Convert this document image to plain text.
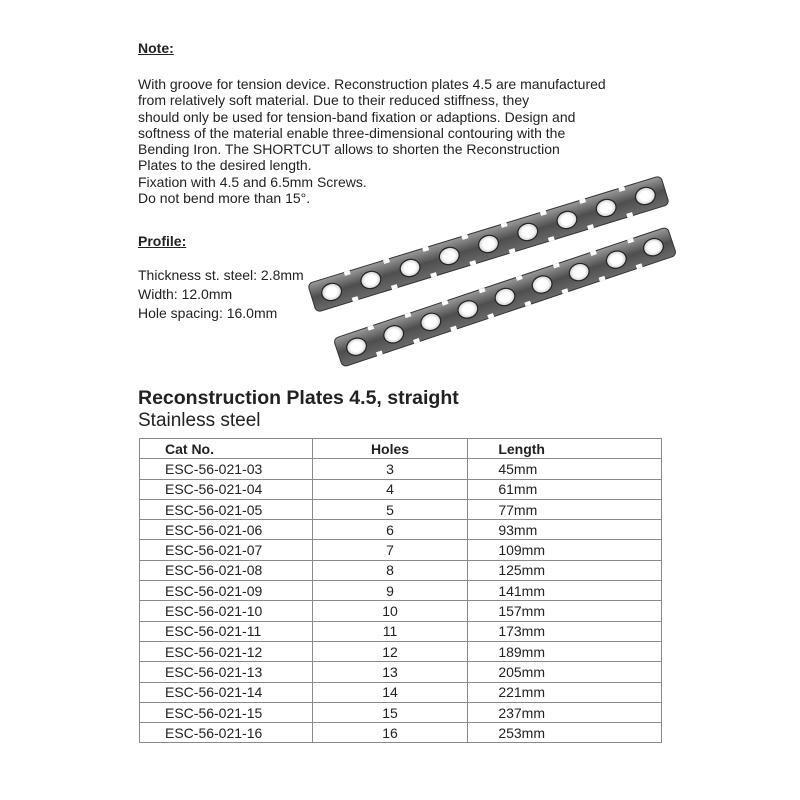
Note:

With groove for tension device. Reconstruction plates 4.5 are manufactured
from relatively soft material. Due to their reduced stiffness, they
should only be used for tension-band fixation or adaptions. Design and
softness of the material enable three-dimensional contouring with the
Bending Iron. The SHORTCUT allows to shorten the Reconstruction
Plates to the desired length.
Fixation with 4.5 and 6.5mm Screws.
Do not bend more than 15°.

Profile:
Thickness st. steel: 2.8mm
Width: 12.0mm
Hole spacing: 16.0mm
Reconstruction Plates 4.5, straight
Stainless steel
Cat No.	Holes	Length
ESC-56-021-03	3	45mm
ESC-56-021-04	4	61mm
ESC-56-021-05	5	77mm
ESC-56-021-06	6	93mm
ESC-56-021-07	7	109mm
ESC-56-021-08	8	125mm
ESC-56-021-09	9	141mm
ESC-56-021-10	10	157mm
ESC-56-021-11	11	173mm
ESC-56-021-12	12	189mm
ESC-56-021-13	13	205mm
ESC-56-021-14	14	221mm
ESC-56-021-15	15	237mm
ESC-56-021-16	16	253mm
